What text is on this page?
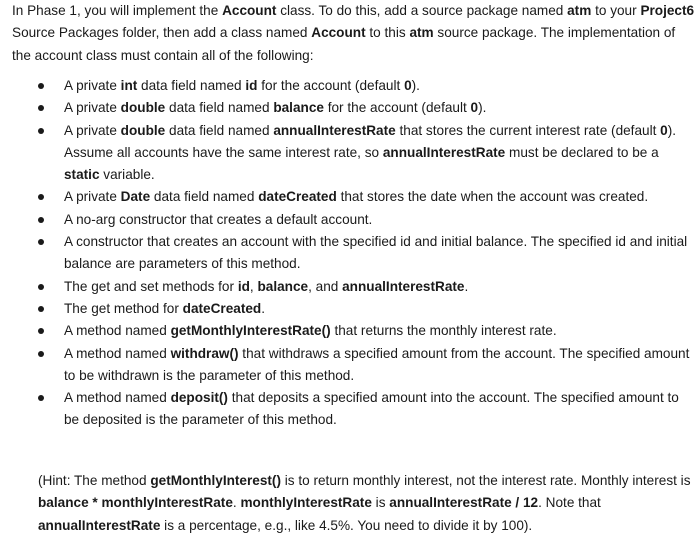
In Phase 1, you will implement the Account class. To do this, add a source package named atm to your Project6 Source Packages folder, then add a class named Account to this atm source package. The implementation of the account class must contain all of the following:

A private int data field named id for the account (default 0).
A private double data field named balance for the account (default 0).
A private double data field named annualInterestRate that stores the current interest rate (default 0). Assume all accounts have the same interest rate, so annualInterestRate must be declared to be a static variable.
A private Date data field named dateCreated that stores the date when the account was created.
A no-arg constructor that creates a default account.
A constructor that creates an account with the specified id and initial balance. The specified id and initial balance are parameters of this method.
The get and set methods for id, balance, and annualInterestRate.
The get method for dateCreated.
A method named getMonthlyInterestRate() that returns the monthly interest rate.
A method named withdraw() that withdraws a specified amount from the account. The specified amount to be withdrawn is the parameter of this method.
A method named deposit() that deposits a specified amount into the account. The specified amount to be deposited is the parameter of this method.

(Hint: The method getMonthlyInterest() is to return monthly interest, not the interest rate. Monthly interest is balance * monthlyInterestRate. monthlyInterestRate is annualInterestRate / 12. Note that annualInterestRate is a percentage, e.g., like 4.5%. You need to divide it by 100).
